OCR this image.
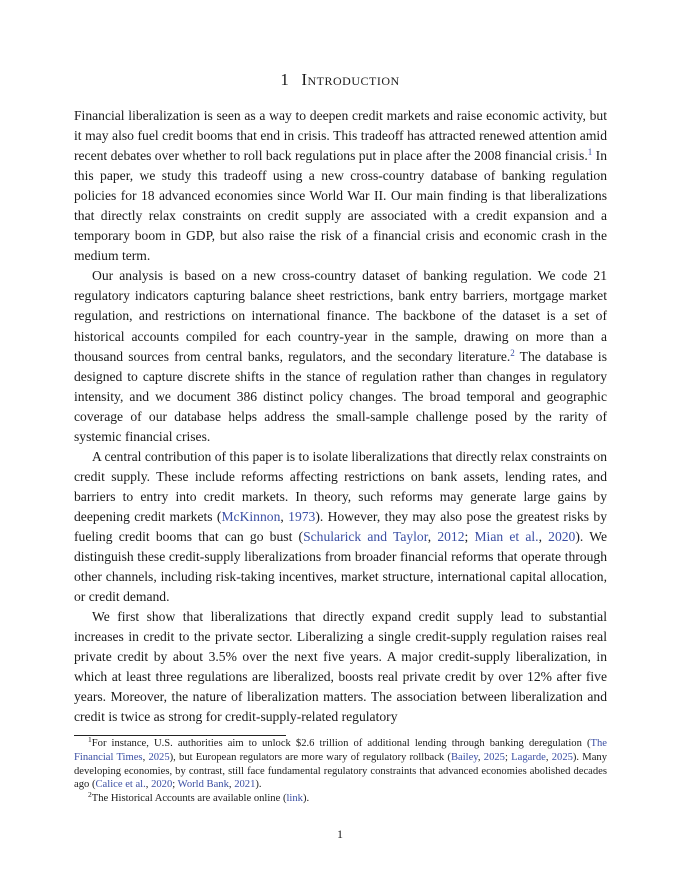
1 Introduction

Financial liberalization is seen as a way to deepen credit markets and raise economic activity, but it may also fuel credit booms that end in crisis. This tradeoff has attracted renewed attention amid recent debates over whether to roll back regulations put in place after the 2008 financial crisis.$^1$ In this paper, we study this tradeoff using a new cross-country database of banking regulation policies for 18 advanced economies since World War II. Our main finding is that liberalizations that directly relax constraints on credit supply are associated with a credit expansion and a temporary boom in GDP, but also raise the risk of a financial crisis and economic crash in the medium term.

Our analysis is based on a new cross-country dataset of banking regulation. We code 21 regulatory indicators capturing balance sheet restrictions, bank entry barriers, mortgage market regulation, and restrictions on international finance. The backbone of the dataset is a set of historical accounts compiled for each country-year in the sample, drawing on more than a thousand sources from central banks, regulators, and the secondary literature.$^2$ The database is designed to capture discrete shifts in the stance of regulation rather than changes in regulatory intensity, and we document 386 distinct policy changes. The broad temporal and geographic coverage of our database helps address the small-sample challenge posed by the rarity of systemic financial crises.

A central contribution of this paper is to isolate liberalizations that directly relax constraints on credit supply. These include reforms affecting restrictions on bank assets, lending rates, and barriers to entry into credit markets. In theory, such reforms may generate large gains by deepening credit markets (McKinnon, 1973). However, they may also pose the greatest risks by fueling credit booms that can go bust (Schularick and Taylor, 2012; Mian et al., 2020). We distinguish these credit-supply liberalizations from broader financial reforms that operate through other channels, including risk-taking incentives, market structure, international capital allocation, or credit demand.

We first show that liberalizations that directly expand credit supply lead to substantial increases in credit to the private sector. Liberalizing a single credit-supply regulation raises real private credit by about 3.5% over the next five years. A major credit-supply liberalization, in which at least three regulations are liberalized, boosts real private credit by over 12% after five years. Moreover, the nature of liberalization matters. The association between liberalization and credit is twice as strong for credit-supply-related regulatory

$^1$For instance, U.S. authorities aim to unlock $2.6 trillion of additional lending through banking deregulation (The Financial Times, 2025), but European regulators are more wary of regulatory rollback (Bailey, 2025; Lagarde, 2025). Many developing economies, by contrast, still face fundamental regulatory constraints that advanced economies abolished decades ago (Calice et al., 2020; World Bank, 2021).

$^2$The Historical Accounts are available online (link).

1
